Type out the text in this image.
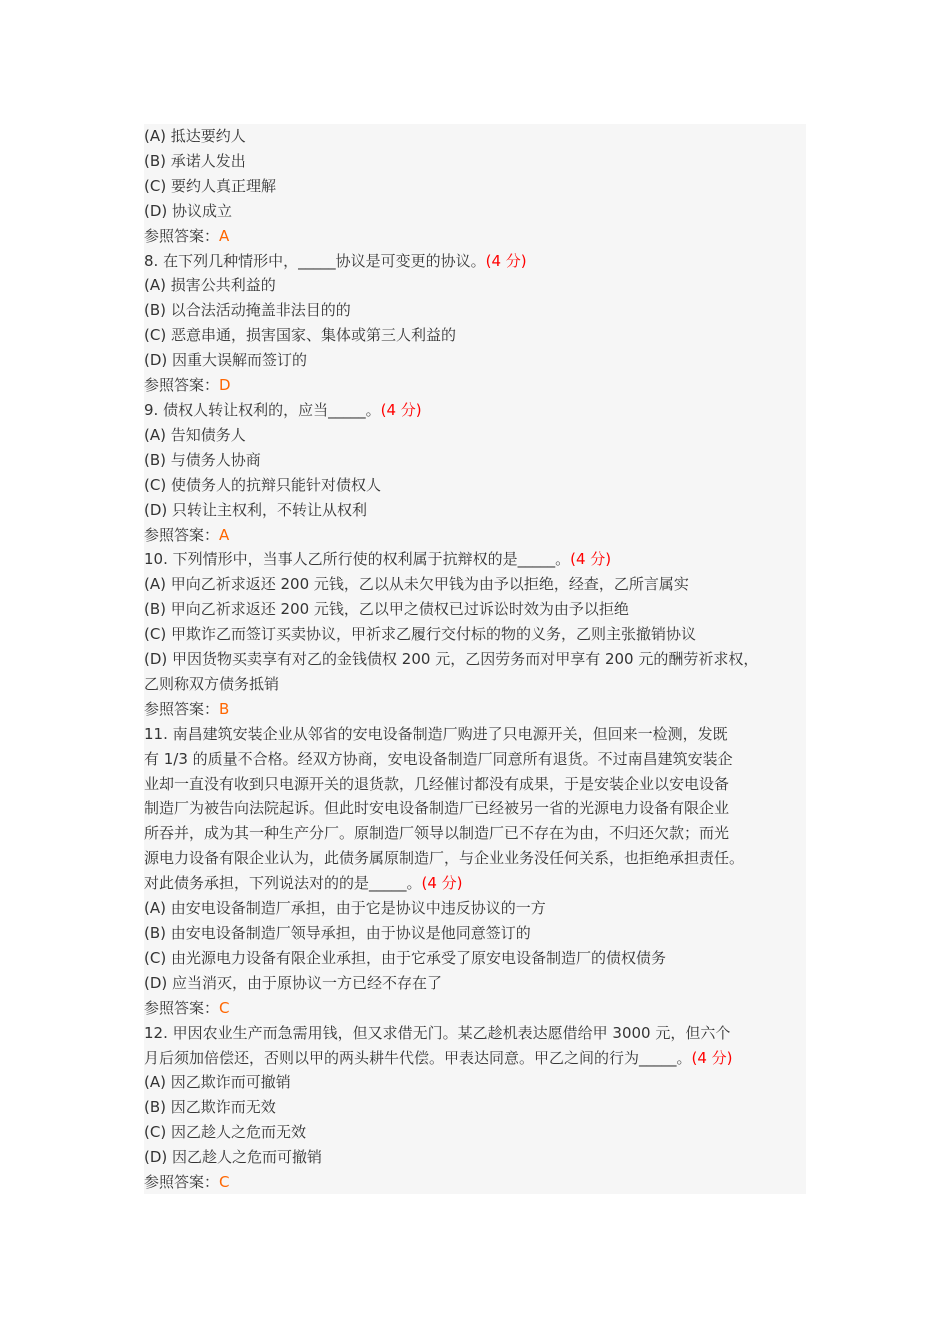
(A) 抵达要约人
(B) 承诺人发出
(C) 要约人真正理解
(D) 协议成立
参照答案：A
8. 在下列几种情形中，_____协议是可变更的协议。(4 分)
(A) 损害公共利益的
(B) 以合法活动掩盖非法目的的
(C) 恶意串通，损害国家、集体或第三人利益的
(D) 因重大误解而签订的
参照答案：D
9. 债权人转让权利的，应当_____。(4 分)
(A) 告知债务人
(B) 与债务人协商
(C) 使债务人的抗辩只能针对债权人
(D) 只转让主权利，不转让从权利
参照答案：A
10. 下列情形中，当事人乙所行使的权利属于抗辩权的是_____。(4 分)
(A) 甲向乙祈求返还 200 元钱，乙以从未欠甲钱为由予以拒绝，经查，乙所言属实
(B) 甲向乙祈求返还 200 元钱，乙以甲之债权已过诉讼时效为由予以拒绝
(C) 甲欺诈乙而签订买卖协议，甲祈求乙履行交付标的物的义务，乙则主张撤销协议
(D) 甲因货物买卖享有对乙的金钱债权 200 元，乙因劳务而对甲享有 200 元的酬劳祈求权，
乙则称双方债务抵销
参照答案：B
11. 南昌建筑安装企业从邻省的安电设备制造厂购进了只电源开关，但回来一检测，发既
有 1/3 的质量不合格。经双方协商，安电设备制造厂同意所有退货。不过南昌建筑安装企
业却一直没有收到只电源开关的退货款，几经催讨都没有成果，于是安装企业以安电设备
制造厂为被告向法院起诉。但此时安电设备制造厂已经被另一省的光源电力设备有限企业
所吞并，成为其一种生产分厂。原制造厂领导以制造厂已不存在为由，不归还欠款；而光
源电力设备有限企业认为，此债务属原制造厂，与企业业务没任何关系，也拒绝承担责任。
对此债务承担，下列说法对的的是_____。(4 分)
(A) 由安电设备制造厂承担，由于它是协议中违反协议的一方
(B) 由安电设备制造厂领导承担，由于协议是他同意签订的
(C) 由光源电力设备有限企业承担，由于它承受了原安电设备制造厂的债权债务
(D) 应当消灭，由于原协议一方已经不存在了
参照答案：C
12. 甲因农业生产而急需用钱，但又求借无门。某乙趁机表达愿借给甲 3000 元，但六个
月后须加倍偿还，否则以甲的两头耕牛代偿。甲表达同意。甲乙之间的行为_____。(4 分)
(A) 因乙欺诈而可撤销
(B) 因乙欺诈而无效
(C) 因乙趁人之危而无效
(D) 因乙趁人之危而可撤销
参照答案：C
